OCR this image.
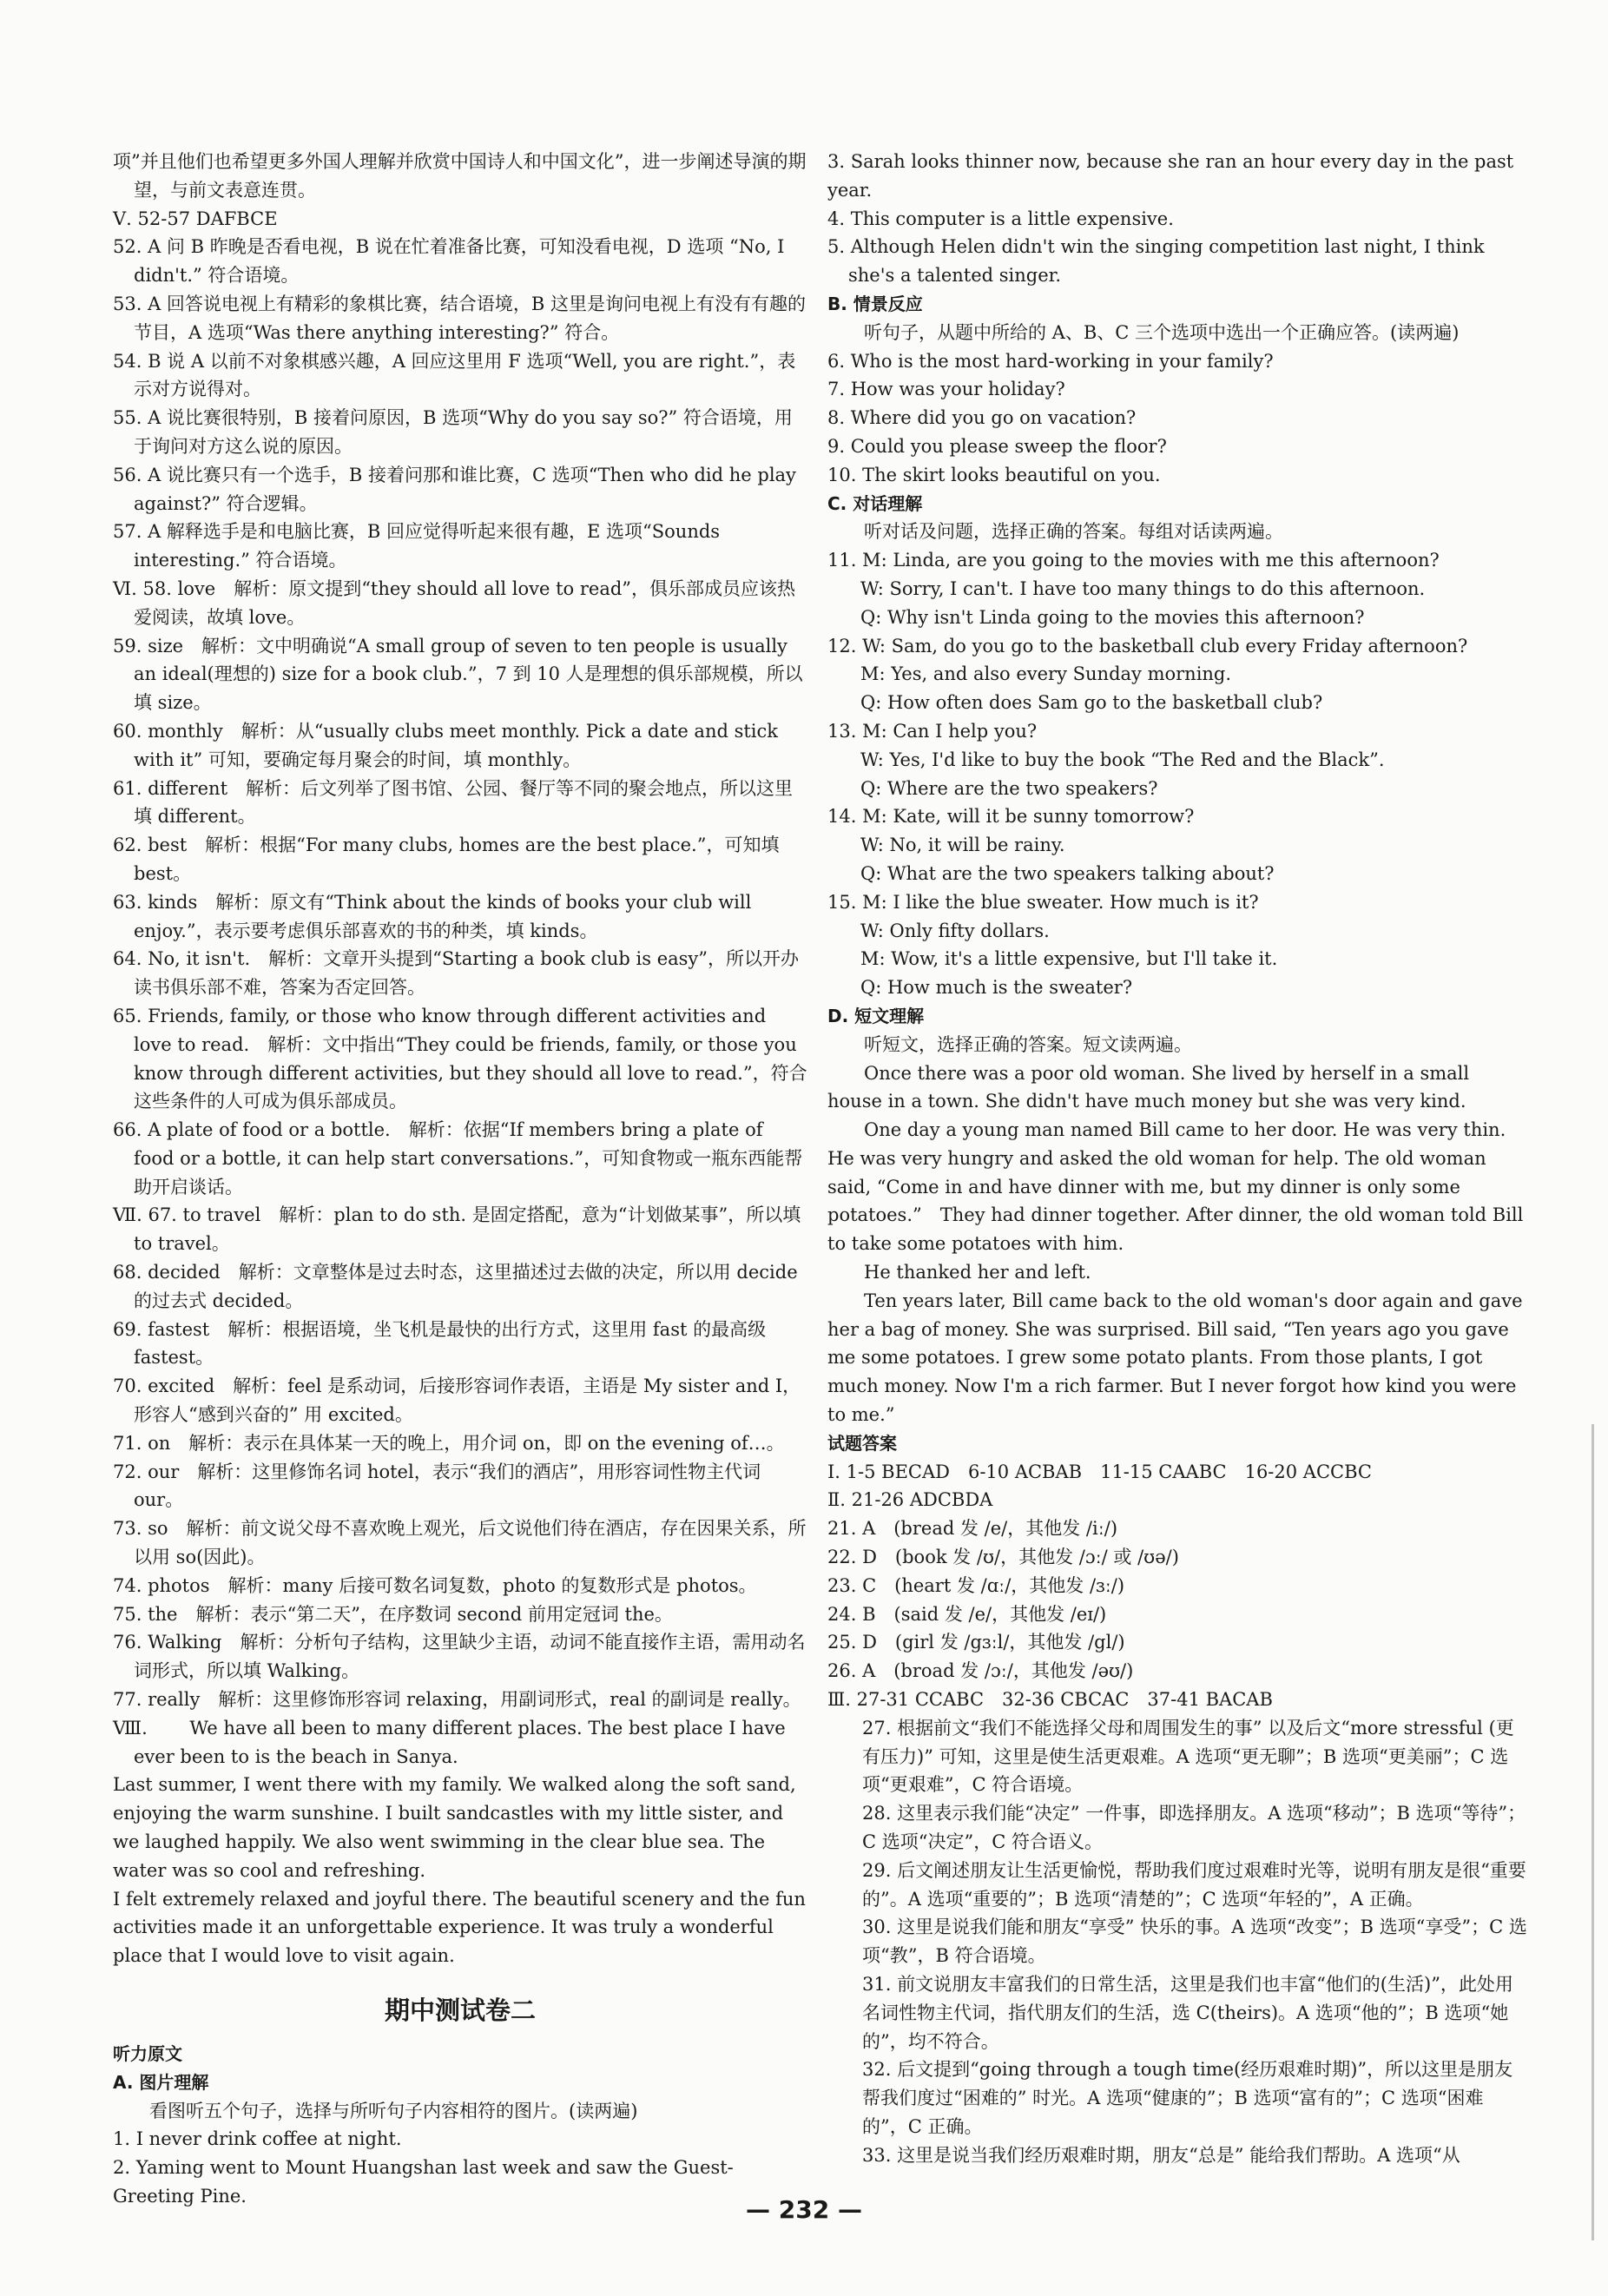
项”并且他们也希望更多外国人理解并欣赏中国诗人和中国文化”，进一步阐述导演的期望，与前文表意连贯。

Ⅴ. 52-57 DAFBCE

52. A 问 B 昨晚是否看电视，B 说在忙着准备比赛，可知没看电视，D 选项 “No, I didn't.” 符合语境。

53. A 回答说电视上有精彩的象棋比赛，结合语境，B 这里是询问电视上有没有有趣的节目，A 选项“Was there anything interesting?” 符合。

54. B 说 A 以前不对象棋感兴趣，A 回应这里用 F 选项“Well, you are right.”，表示对方说得对。

55. A 说比赛很特别，B 接着问原因，B 选项“Why do you say so?” 符合语境，用于询问对方这么说的原因。

56. A 说比赛只有一个选手，B 接着问那和谁比赛，C 选项“Then who did he play against?” 符合逻辑。

57. A 解释选手是和电脑比赛，B 回应觉得听起来很有趣，E 选项“Sounds interesting.” 符合语境。

Ⅵ. 58. love　解析：原文提到“they should all love to read”，俱乐部成员应该热爱阅读，故填 love。

59. size　解析：文中明确说“A small group of seven to ten people is usually an ideal(理想的) size for a book club.”，7 到 10 人是理想的俱乐部规模，所以填 size。

60. monthly　解析：从“usually clubs meet monthly. Pick a date and stick with it” 可知，要确定每月聚会的时间，填 monthly。

61. different　解析：后文列举了图书馆、公园、餐厅等不同的聚会地点，所以这里填 different。

62. best　解析：根据“For many clubs, homes are the best place.”，可知填 best。

63. kinds　解析：原文有“Think about the kinds of books your club will enjoy.”，表示要考虑俱乐部喜欢的书的种类，填 kinds。

64. No, it isn't.　解析：文章开头提到“Starting a book club is easy”，所以开办读书俱乐部不难，答案为否定回答。

65. Friends, family, or those who know through different activities and love to read.　解析：文中指出“They could be friends, family, or those you know through different activities, but they should all love to read.”，符合这些条件的人可成为俱乐部成员。

66. A plate of food or a bottle.　解析：依据“If members bring a plate of food or a bottle, it can help start conversations.”，可知食物或一瓶东西能帮助开启谈话。

Ⅶ. 67. to travel　解析：plan to do sth. 是固定搭配，意为“计划做某事”，所以填 to travel。

68. decided　解析：文章整体是过去时态，这里描述过去做的决定，所以用 decide 的过去式 decided。

69. fastest　解析：根据语境，坐飞机是最快的出行方式，这里用 fast 的最高级 fastest。

70. excited　解析：feel 是系动词，后接形容词作表语，主语是 My sister and I，形容人“感到兴奋的” 用 excited。

71. on　解析：表示在具体某一天的晚上，用介词 on，即 on the evening of…。

72. our　解析：这里修饰名词 hotel，表示“我们的酒店”，用形容词性物主代词 our。

73. so　解析：前文说父母不喜欢晚上观光，后文说他们待在酒店，存在因果关系，所以用 so(因此)。

74. photos　解析：many 后接可数名词复数，photo 的复数形式是 photos。

75. the　解析：表示“第二天”，在序数词 second 前用定冠词 the。

76. Walking　解析：分析句子结构，这里缺少主语，动词不能直接作主语，需用动名词形式，所以填 Walking。

77. really　解析：这里修饰形容词 relaxing，用副词形式，real 的副词是 really。

Ⅷ. 　　We have all been to many different places. The best place I have ever been to is the beach in Sanya.

Last summer, I went there with my family. We walked along the soft sand, enjoying the warm sunshine. I built sandcastles with my little sister, and we laughed happily. We also went swimming in the clear blue sea. The water was so cool and refreshing.

I felt extremely relaxed and joyful there. The beautiful scenery and the fun activities made it an unforgettable experience. It was truly a wonderful place that I would love to visit again.

期中测试卷二

听力原文

A. 图片理解

看图听五个句子，选择与所听句子内容相符的图片。(读两遍)

1. I never drink coffee at night.

2. Yaming went to Mount Huangshan last week and saw the Guest-Greeting Pine.

3. Sarah looks thinner now, because she ran an hour every day in the past year.

4. This computer is a little expensive.

5. Although Helen didn't win the singing competition last night, I think she's a talented singer.

B. 情景反应

听句子，从题中所给的 A、B、C 三个选项中选出一个正确应答。(读两遍)

6. Who is the most hard-working in your family?

7. How was your holiday?

8. Where did you go on vacation?

9. Could you please sweep the floor?

10. The skirt looks beautiful on you.

C. 对话理解

听对话及问题，选择正确的答案。每组对话读两遍。

11. M: Linda, are you going to the movies with me this afternoon?

W: Sorry, I can't. I have too many things to do this afternoon.

Q: Why isn't Linda going to the movies this afternoon?

12. W: Sam, do you go to the basketball club every Friday afternoon?

M: Yes, and also every Sunday morning.

Q: How often does Sam go to the basketball club?

13. M: Can I help you?

W: Yes, I'd like to buy the book “The Red and the Black”.

Q: Where are the two speakers?

14. M: Kate, will it be sunny tomorrow?

W: No, it will be rainy.

Q: What are the two speakers talking about?

15. M: I like the blue sweater. How much is it?

W: Only fifty dollars.

M: Wow, it's a little expensive, but I'll take it.

Q: How much is the sweater?

D. 短文理解

听短文，选择正确的答案。短文读两遍。

Once there was a poor old woman. She lived by herself in a small house in a town. She didn't have much money but she was very kind.

One day a young man named Bill came to her door. He was very thin. He was very hungry and asked the old woman for help. The old woman said, “Come in and have dinner with me, but my dinner is only some potatoes.”　They had dinner together. After dinner, the old woman told Bill to take some potatoes with him.

He thanked her and left.

Ten years later, Bill came back to the old woman's door again and gave her a bag of money. She was surprised. Bill said, “Ten years ago you gave me some potatoes. I grew some potato plants. From those plants, I got much money. Now I'm a rich farmer. But I never forgot how kind you were to me.”

试题答案

Ⅰ. 1-5 BECAD　6-10 ACBAB　11-15 CAABC　16-20 ACCBC

Ⅱ. 21-26 ADCBDA

21. A　(bread 发 /e/，其他发 /iː/)

22. D　(book 发 /ʊ/，其他发 /ɔː/ 或 /ʊə/)

23. C　(heart 发 /ɑː/，其他发 /ɜː/)

24. B　(said 发 /e/，其他发 /eɪ/)

25. D　(girl 发 /gɜːl/，其他发 /gl/)

26. A　(broad 发 /ɔː/，其他发 /əʊ/)

Ⅲ. 27-31 CCABC　32-36 CBCAC　37-41 BACAB

27. 根据前文“我们不能选择父母和周围发生的事” 以及后文“more stressful (更有压力)” 可知，这里是使生活更艰难。A 选项“更无聊”；B 选项“更美丽”；C 选项“更艰难”，C 符合语境。

28. 这里表示我们能“决定” 一件事，即选择朋友。A 选项“移动”；B 选项“等待”；C 选项“决定”，C 符合语义。

29. 后文阐述朋友让生活更愉悦，帮助我们度过艰难时光等，说明有朋友是很“重要的”。A 选项“重要的”；B 选项“清楚的”；C 选项“年轻的”，A 正确。

30. 这里是说我们能和朋友“享受” 快乐的事。A 选项“改变”；B 选项“享受”；C 选项“教”，B 符合语境。

31. 前文说朋友丰富我们的日常生活，这里是我们也丰富“他们的(生活)”，此处用名词性物主代词，指代朋友们的生活，选 C(theirs)。A 选项“他的”；B 选项“她的”，均不符合。

32. 后文提到“going through a tough time(经历艰难时期)”，所以这里是朋友帮我们度过“困难的” 时光。A 选项“健康的”；B 选项“富有的”；C 选项“困难的”，C 正确。

33. 这里是说当我们经历艰难时期，朋友“总是” 能给我们帮助。A 选项“从

— 232 —
